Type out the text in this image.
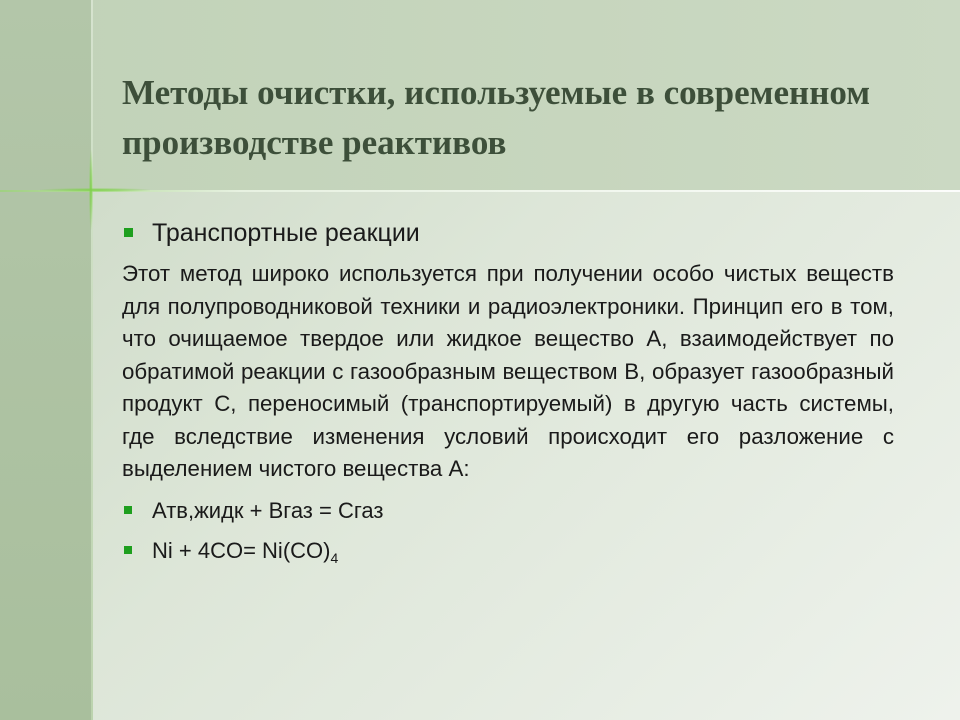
Методы очистки, используемые в современном производстве реактивов
Транспортные реакции

Этот метод широко используется при получении особо чистых веществ для полупроводниковой техники и радиоэлектроники. Принцип его в том, что очищаемое твердое или жидкое вещество А, взаимодействует по обратимой реакции с газообразным веществом В, образует газообразный продукт С, переносимый (транспортируемый) в другую часть системы, где вследствие изменения условий происходит его разложение с выделением чистого вещества А:

Атв,жидк + Вгаз = Сгаз
$Ni + 4CO= Ni(CO)_4$
